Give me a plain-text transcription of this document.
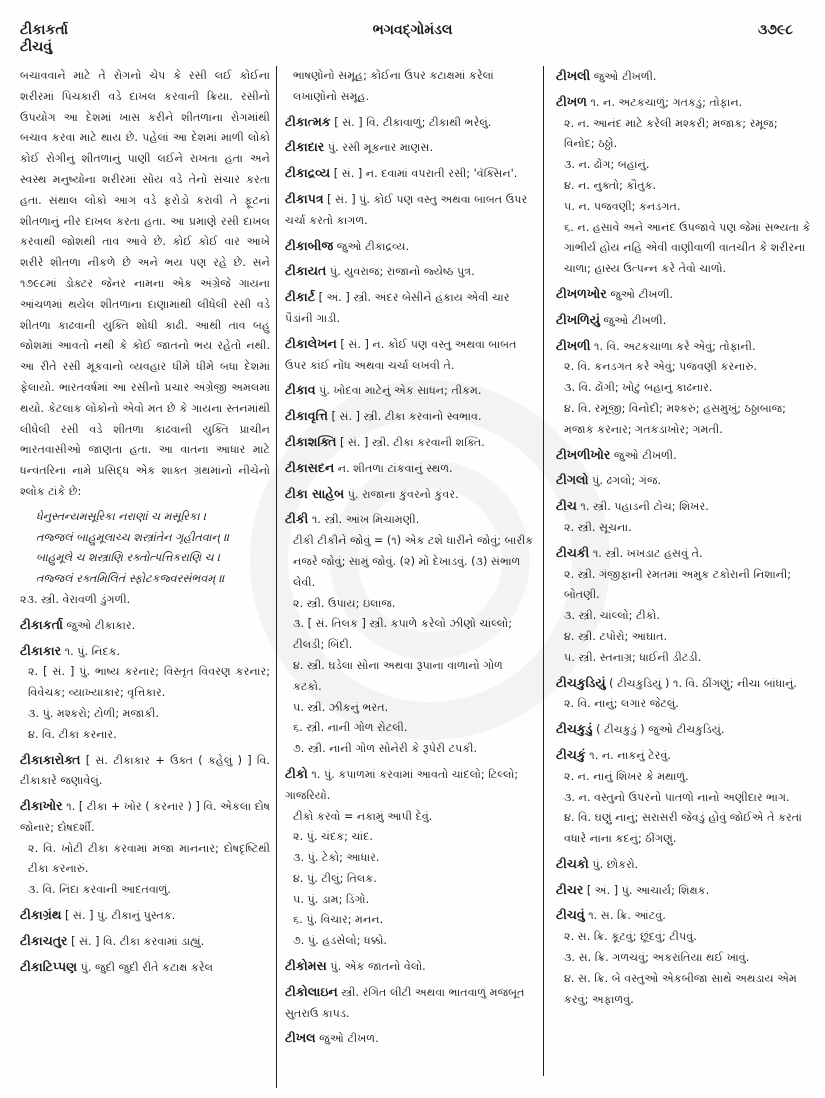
ટીકાકર્તા
ટીચવું
ભગવદ્ગોમંડલ	૩૭૯૮
બચાવવાને માટે તે રોગનો ચેપ કે રસી લઈ કોઈના શરીરમાં પિચકારી વડે દાખલ કરવાની ક્રિયા. રસીનો ઉપયોગ આ દેશમાં ખાસ કરીને શીતળાના રોગમાંથી બચાવ કરવા માટે થાય છે. પહેલાં આ દેશમાં માળી લોકો કોઈ રોગીનું શીતળાનું પાણી લઈને રાખતા હતા અને સ્વસ્થ મનુષ્યોના શરીરમાં સોય વડે તેનો સંચાર કરતા હતા. સંથાલ લોકો આગ વડે ફરોડો કરાવી તે ફૂટનાં શીતળાનું નીર દાખલ કરતા હતા. આ પ્રમાણે રસી દાખલ કરવાથી જોશથી તાવ આવે છે. કોઈ કોઈ વાર આખે શરીરે શીતળા નીકળે છે અને ભય પણ રહે છે. સને ૧૭૯૮માં ડોક્ટર જેનર નામના એક અંગ્રેજે ગાયના આંચળમાં થયેલ શીતળાના દાણામાંથી લીધેલી રસી વડે શીતળા કાઢવાની યુક્તિ શોધી કાઢી. આથી તાવ બહુ જોશમાં આવતો નથી કે કોઈ જાતનો ભય રહેતો નથી. આ રીતે રસી મૂકવાનો વ્યવહાર ધીમે ધીમે બધા દેશમાં ફેલાયો. ભારતવર્ષમાં આ રસીનો પ્રચાર અંગ્રેજી અમલમાં થયો. કેટલાક લોકોનો એવો મત છે કે ગાયના સ્તનમાંથી લીધેલી રસી વડે શીતળા કાઢવાની યુક્તિ પ્રાચીન ભારતવાસીઓ જાણતા હતા. આ વાતના આધાર માટે ધન્વંતરિના નામે પ્રસિદ્ધ એક શાક્ત ગ્રંથમાંનો નીચેનો શ્લોક ટાંકે છે:
ધેનુસ્તન્યમસૂરિકા નરાણાં ચ મસૂરિકા ।
તજ્જલં બાહુમૂલાચ્ચ શસ્ત્રાંતેન ગૃહીતવાન્ ॥
બાહુમૂલે ચ શસ્ત્રાણિ રક્તોત્પત્તિકરાણિ ચ ।
તજ્જલં રક્તમિલિતં સ્ફોટકજ્વરસંભવમ્ ॥
૨૩. સ્ત્રી. વેરાવળી ડુંગળી.
ટીકાકર્તા જુઓ ટીકાકાર.
ટીકાકાર ૧. પું. નિંદક.
૨. [ સં. ] પું. ભાષ્ય કરનાર; વિસ્તૃત વિવરણ કરનાર; વિવેચક; વ્યાખ્યાકાર; વૃત્તિકાર.
૩. પું. મશ્કરો; ટોળી; મજાકી.
૪. વિ. ટીકા કરનાર.
ટીકાકારોક્ત [ સં. ટીકાકાર + ઉક્ત ( કહેલું ) ] વિ. ટીકાકારે જણાવેલું.
ટીકાખોર ૧. [ ટીકા + ખોર ( કરનાર ) ] વિ. એકલા દોષ જોનાર; દોષદર્શી.
૨. વિ. ખોટી ટીકા કરવામાં મજા માનનાર; દોષદૃષ્ટિથી ટીકા કરનારું.
૩. વિ. નિંદા કરવાની આદતવાળું.
ટીકાગ્રંથ [ સં. ] પું. ટીકાનું પુસ્તક.
ટીકાચતુર [ સં. ] વિ. ટીકા કરવામાં ડાહ્યું.
ટીકાટિપ્પણ પું. જુદી જુદી રીતે કટાક્ષ કરેલ
ભાષણોનો સમૂહ; કોઈના ઉપર કટાક્ષમાં કરેલાં લખાણોનો સમૂહ.
ટીકાત્મક [ સં. ] વિ. ટીકાવાળું; ટીકાથી ભરેલું.
ટીકાદાર પું. રસી મૂકનાર માણસ.
ટીકાદ્રવ્ય [ સં. ] ન. દવામાં વપરાતી રસી; 'વૅક્સિન'.
ટીકાપત્ર [ સં. ] પું. કોઈ પણ વસ્તુ અથવા બાબત ઉપર ચર્ચા કરતો કાગળ.
ટીકાબીજ જુઓ ટીકાદ્રવ્ય.
ટીકાયત પું. યુવરાજ; રાજાનો જ્યેષ્ઠ પુત્ર.
ટીકાર્ટ [ અં. ] સ્ત્રી. અંદર બેસીને હંકાય એવી ચાર પૈડાંની ગાડી.
ટીકાલેખન [ સં. ] ન. કોઈ પણ વસ્તુ અથવા બાબત ઉપર કાંઈ નોંધ અથવા ચર્ચા લખવી તે.
ટીકાવ પું. ખોદવા માટેનું એક સાધન; તીકમ.
ટીકાવૃત્તિ [ સં. ] સ્ત્રી. ટીકા કરવાનો સ્વભાવ.
ટીકાશક્તિ [ સં. ] સ્ત્રી. ટીકા કરવાની શક્તિ.
ટીકાસદન ન. શીતળા ટાંકવાનું સ્થળ.
ટીકા સાહેબ પું. રાજાના કુંવરનો કુંવર.
ટીકી ૧. સ્ત્રી. આંખ મિચામણી.
ટીકી ટીકીને જોવું = (૧) એક ટશે ધારીને જોવું; બારીક નજરે જોવું; સામું જોવું. (૨) મોં દેખાડવું. (૩) સંભાળ લેવી.
૨. સ્ત્રી. ઉપાય; ઇલાજ.
૩. [ સં. તિલક ] સ્ત્રી. કપાળે કરેલો ઝીણો ચાંલ્લો; ટીલડી; બિંદી.
૪. સ્ત્રી. ઘડેલા સોના અથવા રૂપાના વાળાનો ગોળ કટકો.
૫. સ્ત્રી. ઝીકનું ભરત.
૬. સ્ત્રી. નાની ગોળ રોટલી.
૭. સ્ત્રી. નાની ગોળ સોનેરી કે રૂપેરી ટપકી.
ટીકો ૧. પું. કપાળમાં કરવામાં આવતો ચાંદલો; ટિલ્લો; ગાજરિયો.
ટીકો કરવો = નકામું આપી દેવું.
૨. પું. ચંદક; ચાંદ.
૩. પું. ટેકો; આધાર.
૪. પું. ટીલું; તિલક.
૫. પું. ડામ; ડિંગો.
૬. પું. વિચાર; મનન.
૭. પું. હડસેલો; ધક્કો.
ટીકોમસ પું. એક જાતનો વેલો.
ટીકોલાઇન સ્ત્રી. રંગિત લીટી અથવા ભાતવાળું મજબૂત સુતરાઉ કાપડ.
ટીખલ જુઓ ટીખળ.
ટીખલી જુઓ ટીખળી.
ટીખળ ૧. ન. અટકચાળું; ગતકડું; તોફાન.
૨. ન. આનંદ માટે કરેલી મશ્કરી; મજાક; રમૂજ; વિનોદ; ઠઠ્ઠો.
૩. ન. ઢોંગ; બહાનું.
૪. ન. નુક્તો; કૌતુક.
૫. ન. પજવણી; કનડગત.
૬. ન. હસાવે અને આનંદ ઉપજાવે પણ જેમાં સભ્યતા કે ગાંભીર્ય હોય નહિ એવી વાણીવાળી વાતચીત કે શરીરના ચાળા; હાસ્ય ઉત્પન્ન કરે તેવો ચાળો.
ટીખળખોર જુઓ ટીખળી.
ટીખળિયું જુઓ ટીખળી.
ટીખળી ૧. વિ. અટકચાળા કરે એવું; તોફાની.
૨. વિ. કનડગત કરે એવું; પજવણી કરનારું.
૩. વિ. ઢોંગી; ખોટું બહાનું કાઢનાર.
૪. વિ. રમૂજી; વિનોદી; મશ્કરું; હસમુખું; ઠઠ્ઠાબાજ; મજાક કરનાર; ગતકડાખોર; ગમતી.
ટીખળીખોર જુઓ ટીખળી.
ટીગલો પું. ઢગલો; ગંજ.
ટીચ ૧. સ્ત્રી. પહાડની ટોચ; શિખર.
૨. સ્ત્રી. સૂચના.
ટીચકી ૧. સ્ત્રી. ખખડાટ હસવું તે.
૨. સ્ત્રી. ગંજીફાની રમતમાં અમુક ટકોરાની નિશાની; બોતણી.
૩. સ્ત્રી. ચાંલ્લો; ટીકો.
૪. સ્ત્રી. ટપોરો; આઘાત.
૫. સ્ત્રી. સ્તનાગ્ર; ધાઈની ડીટડી.
ટીચકુડિયું ( ટીચકુડિયું ) ૧. વિ. ઠીંગણું; નીચા બાંધાનું.
૨. વિ. નાનું; લગાર જેટલું.
ટીચકુડું ( ટીચકુડું ) જુઓ ટીચકુડિયું.
ટીચકું ૧. ન. નાકનું ટેરવું.
૨. ન. નાનું શિખર કે મથાળું.
૩. ન. વસ્તુનો ઉપરનો પાતળો નાનો અણીદાર ભાગ.
૪. વિ. ઘણું નાનું; સરાસરી જેવડું હોવું જોઈએ તે કરતાં વધારે નાના કદનું; ઠીંગણું.
ટીચકો પું. છોકરો.
ટીચર [ અં. ] પું. આચાર્ય; શિક્ષક.
ટીચવું ૧. સ. ક્રિ. આંટવું.
૨. સ. ક્રિ. કૂટવું; છૂંદવું; ટીપવું.
૩. સ. ક્રિ. ગળચવું; અકરાંતિયા થઈ ખાવું.
૪. સ. ક્રિ. બે વસ્તુઓ એકબીજા સાથે અથડાય એમ કરવું; અફાળવું.
